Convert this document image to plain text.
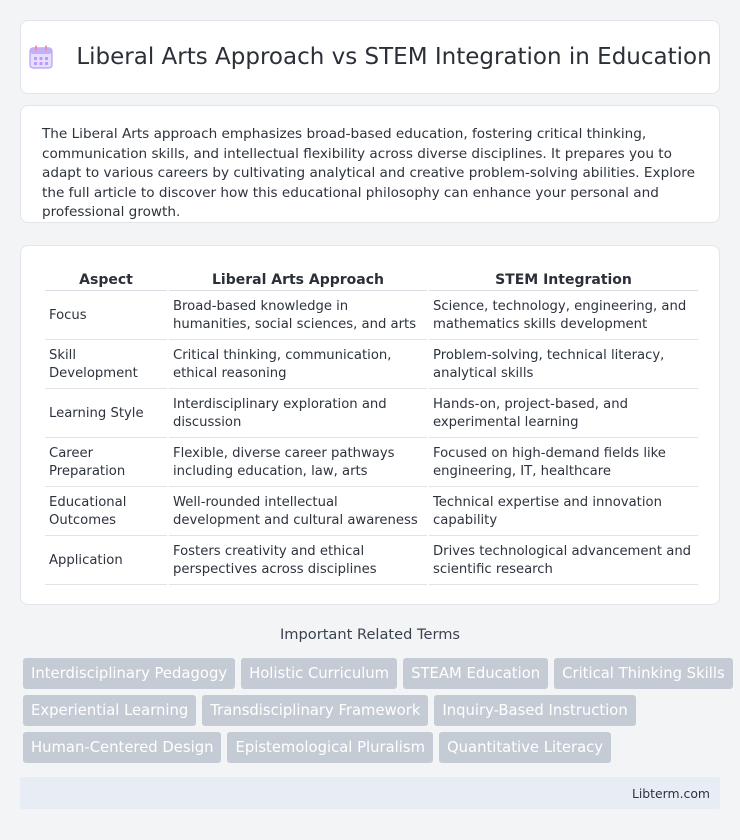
Liberal Arts Approach vs STEM Integration in Education

The Liberal Arts approach emphasizes broad-based education, fostering critical thinking, communication skills, and intellectual flexibility across diverse disciplines. It prepares you to adapt to various careers by cultivating analytical and creative problem-solving abilities. Explore the full article to discover how this educational philosophy can enhance your personal and professional growth.

Aspect	Liberal Arts Approach	STEM Integration
Focus	Broad-based knowledge in humanities, social sciences, and arts	Science, technology, engineering, and mathematics skills development
Skill Development	Critical thinking, communication, ethical reasoning	Problem-solving, technical literacy, analytical skills
Learning Style	Interdisciplinary exploration and discussion	Hands-on, project-based, and experimental learning
Career Preparation	Flexible, diverse career pathways including education, law, arts	Focused on high-demand fields like engineering, IT, healthcare
Educational Outcomes	Well-rounded intellectual development and cultural awareness	Technical expertise and innovation capability
Application	Fosters creativity and ethical perspectives across disciplines	Drives technological advancement and scientific research
Important Related Terms
Interdisciplinary Pedagogy	Holistic Curriculum	STEAM Education	Critical Thinking Skills
Experiential Learning	Transdisciplinary Framework	Inquiry-Based Instruction
Human-Centered Design	Epistemological Pluralism	Quantitative Literacy
Libterm.com
